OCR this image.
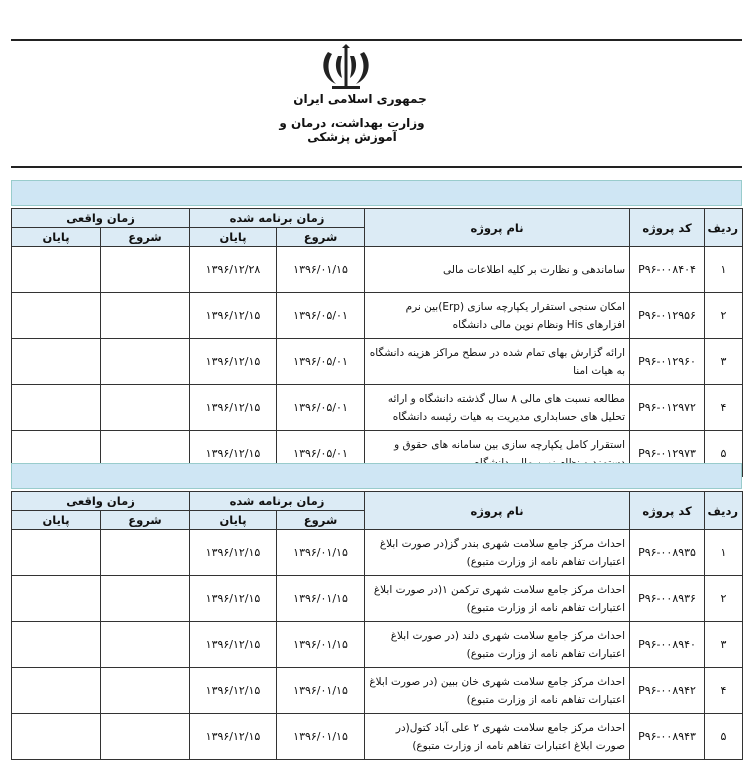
جمهوری اسلامی ایران
وزارت بهداشت، درمان و آموزش پزشکی
ردیف	کد پروژه	نام پروژه	زمان برنامه شده		زمان واقعی	
			شروع	پایان	شروع	پایان
۱	P۹۶-۰۰۸۴۰۴	ساماندهی و نظارت بر کلیه اطلاعات مالی	۱۳۹۶/۰۱/۱۵	۱۳۹۶/۱۲/۲۸		
۲	P۹۶-۰۱۲۹۵۶	امکان سنجی استقرار یکپارچه سازی (Erp)بین نرم افزارهای His ونظام نوین مالی دانشگاه	۱۳۹۶/۰۵/۰۱	۱۳۹۶/۱۲/۱۵		
۳	P۹۶-۰۱۲۹۶۰	ارائه گزارش بهای تمام شده در سطح مراکز هزینه دانشگاه به هیات امنا	۱۳۹۶/۰۵/۰۱	۱۳۹۶/۱۲/۱۵		
۴	P۹۶-۰۱۲۹۷۲	مطالعه نسبت های مالی ۸ سال گذشته دانشگاه و ارائه تحلیل های حسابداری مدیریت به هیات رئیسه دانشگاه	۱۳۹۶/۰۵/۰۱	۱۳۹۶/۱۲/۱۵		
۵	P۹۶-۰۱۲۹۷۳	استقرار کامل یکپارچه سازی بین سامانه های حقوق و	۱۳۹۶/۰۵/۰۱	۱۳۹۶/۱۲/۱۵		
ردیف	کد پروژه	نام پروژه	زمان برنامه شده		زمان واقعی	
			شروع	پایان	شروع	پایان
۱	P۹۶-۰۰۸۹۳۵	احداث مرکز جامع سلامت شهری بندر گز(در صورت ابلاغ اعتبارات تفاهم نامه از وزارت متبوع)	۱۳۹۶/۰۱/۱۵	۱۳۹۶/۱۲/۱۵		
۲	P۹۶-۰۰۸۹۳۶	احداث مرکز جامع سلامت شهری ترکمن ۱(در صورت ابلاغ اعتبارات تفاهم نامه از وزارت متبوع)	۱۳۹۶/۰۱/۱۵	۱۳۹۶/۱۲/۱۵		
۳	P۹۶-۰۰۸۹۴۰	احداث مرکز جامع سلامت شهری دلند (در صورت ابلاغ اعتبارات تفاهم نامه از وزارت متبوع)	۱۳۹۶/۰۱/۱۵	۱۳۹۶/۱۲/۱۵		
۴	P۹۶-۰۰۸۹۴۲	احداث مرکز جامع سلامت شهری خان ببین (در صورت ابلاغ اعتبارات تفاهم نامه از وزارت متبوع)	۱۳۹۶/۰۱/۱۵	۱۳۹۶/۱۲/۱۵		
۵	P۹۶-۰۰۸۹۴۳	احداث مرکز جامع سلامت شهری ۲ علی آباد کتول(در صورت ابلاغ اعتبارات تفاهم نامه از وزارت متبوع)	۱۳۹۶/۰۱/۱۵	۱۳۹۶/۱۲/۱۵		
